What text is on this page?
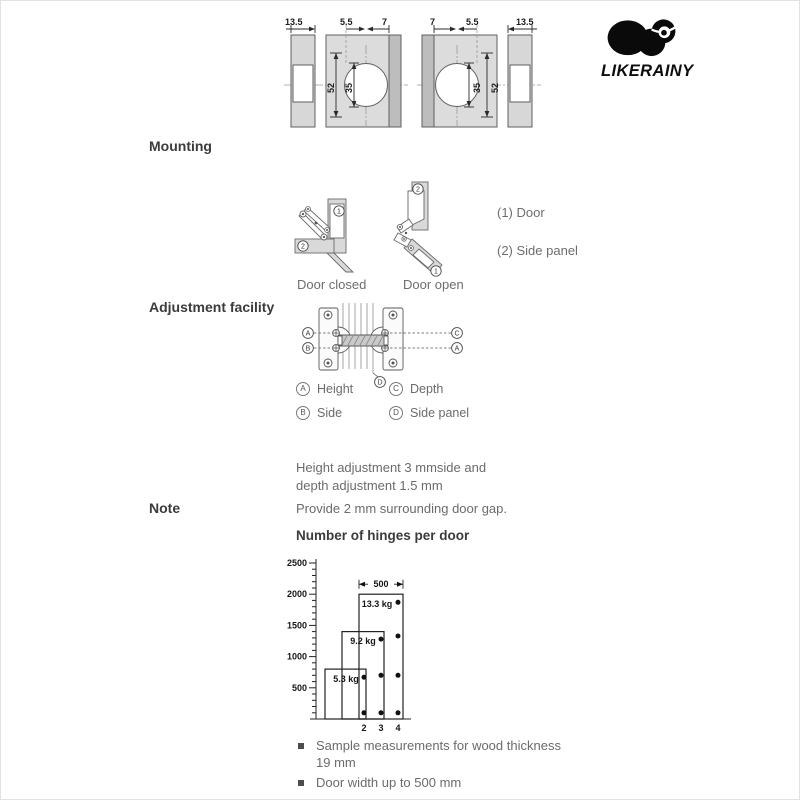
13.5	5.5	7
52 35
7	5.5	13.5
35 52
LIKERAINY
Mounting
1
2
2
1
(1) Door
(2) Side panel
Door closed	Door open
Adjustment facility
A
B
C
A
D
A Height	C Depth
B Side	D Side panel
Height adjustment 3 mmside and
depth adjustment 1.5 mm
Note	Provide 2 mm surrounding door gap.
Number of hinges per door
500
500
1000
1500
2000
2500
5.3 kg
9.2 kg
13.3 kg
2 3 4
Sample measurements for wood thickness 19 mm
Door width up to 500 mm
